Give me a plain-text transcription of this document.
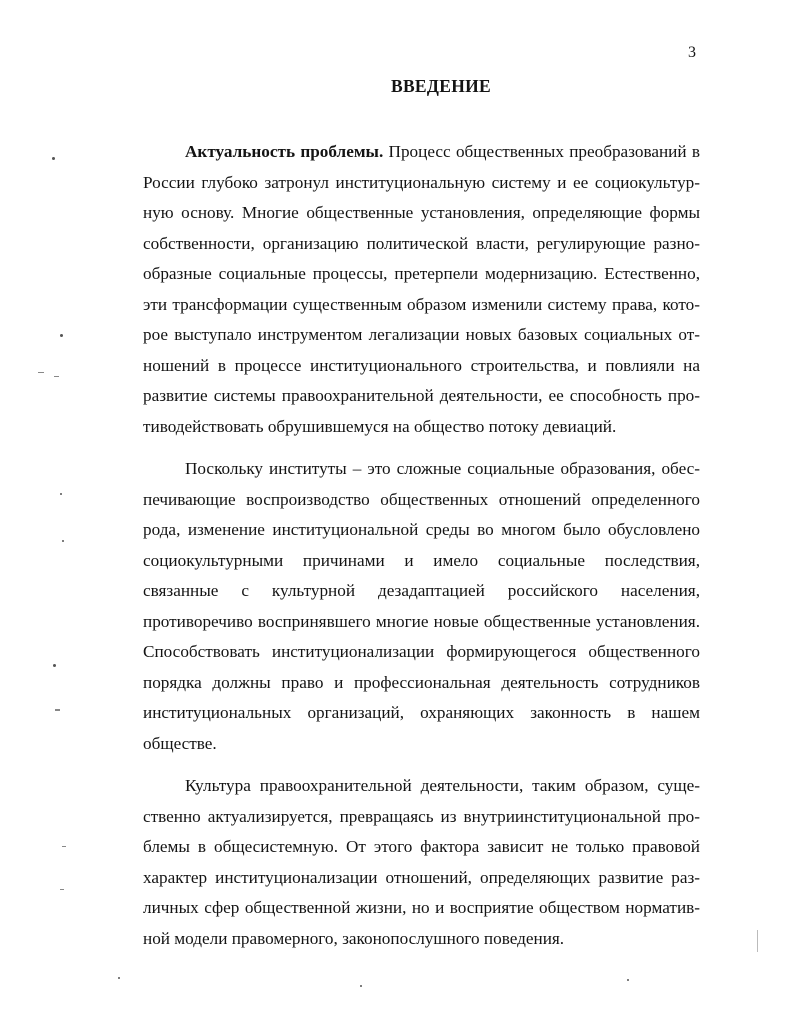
3
ВВЕДЕНИЕ

Актуальность проблемы. Процесс общественных преобразований в России глубоко затронул институциональную систему и ее социокультурную основу. Многие общественные установления, определяющие формы собственности, организацию политической власти, регулирующие разнообразные социальные процессы, претерпели модернизацию. Естественно, эти трансформации существенным образом изменили систему права, которое выступало инструментом легализации новых базовых социальных отношений в процессе институционального строительства, и повлияли на развитие системы правоохранительной деятельности, ее способность противодействовать обрушившемуся на общество потоку девиаций.

Поскольку институты – это сложные социальные образования, обеспечивающие воспроизводство общественных отношений определенного рода, изменение институциональной среды во многом было обусловлено социокультурными причинами и имело социальные последствия, связанные с культурной дезадаптацией российского населения, противоречиво воспринявшего многие новые общественные установления. Способствовать институционализации формирующегося общественного порядка должны право и профессиональная деятельность сотрудников институциональных организаций, охраняющих законность в нашем обществе.

Культура правоохранительной деятельности, таким образом, существенно актуализируется, превращаясь из внутриинституциональной проблемы в общесистемную. От этого фактора зависит не только правовой характер институционализации отношений, определяющих развитие различных сфер общественной жизни, но и восприятие обществом нормативной модели правомерного, законопослушного поведения.
